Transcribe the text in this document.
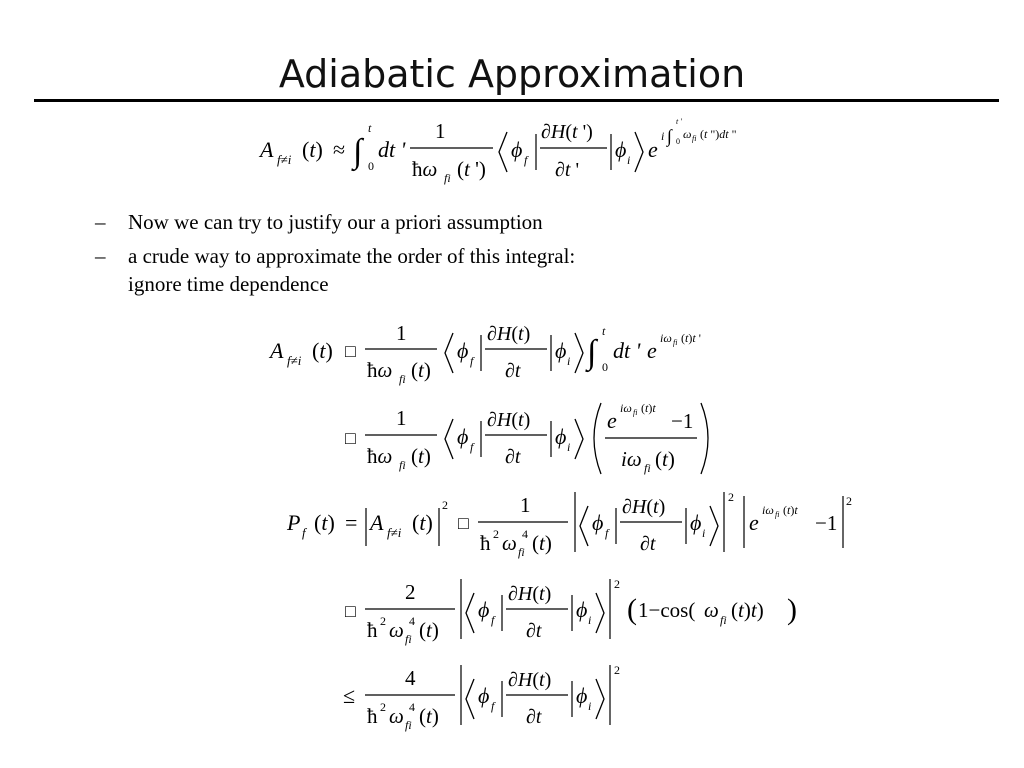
Adiabatic Approximation
A f≠i (t) ≈ ∫
t
0
dt '
1
ħω fi (t ')
ϕ f
∂H(t ')
∂t '
ϕ i e
i ∫
t '
0
ω fi (t ")dt "
– Now we can try to justify our a priori assumption
– a crude way to approximate the order of this integral:
ignore time dependence
A f≠i (t) □
1
ħω fi (t)
ϕ f
∂H(t)
∂t
ϕ i ∫
t
0
dt ' e iω fi (t)t '
□
1
ħω fi (t)
ϕ f
∂H(t)
∂t
ϕ i
e iω fi (t)t
−1
iω fi (t)
P f (t) = A f≠i (t)
2
□
1
ħ 2 ω fi
4 (t)
ϕ f
∂H(t)
∂t
ϕ i
2
e iω fi (t)t
−1
2
□
2
ħ 2 ω fi
4 (t)
ϕ f
∂H(t)
∂t
ϕ i
2
( 1−cos( ω fi (t)t) )
≤
4
ħ 2 ω fi
4 (t)
ϕ f
∂H(t)
∂t
ϕ i
2
